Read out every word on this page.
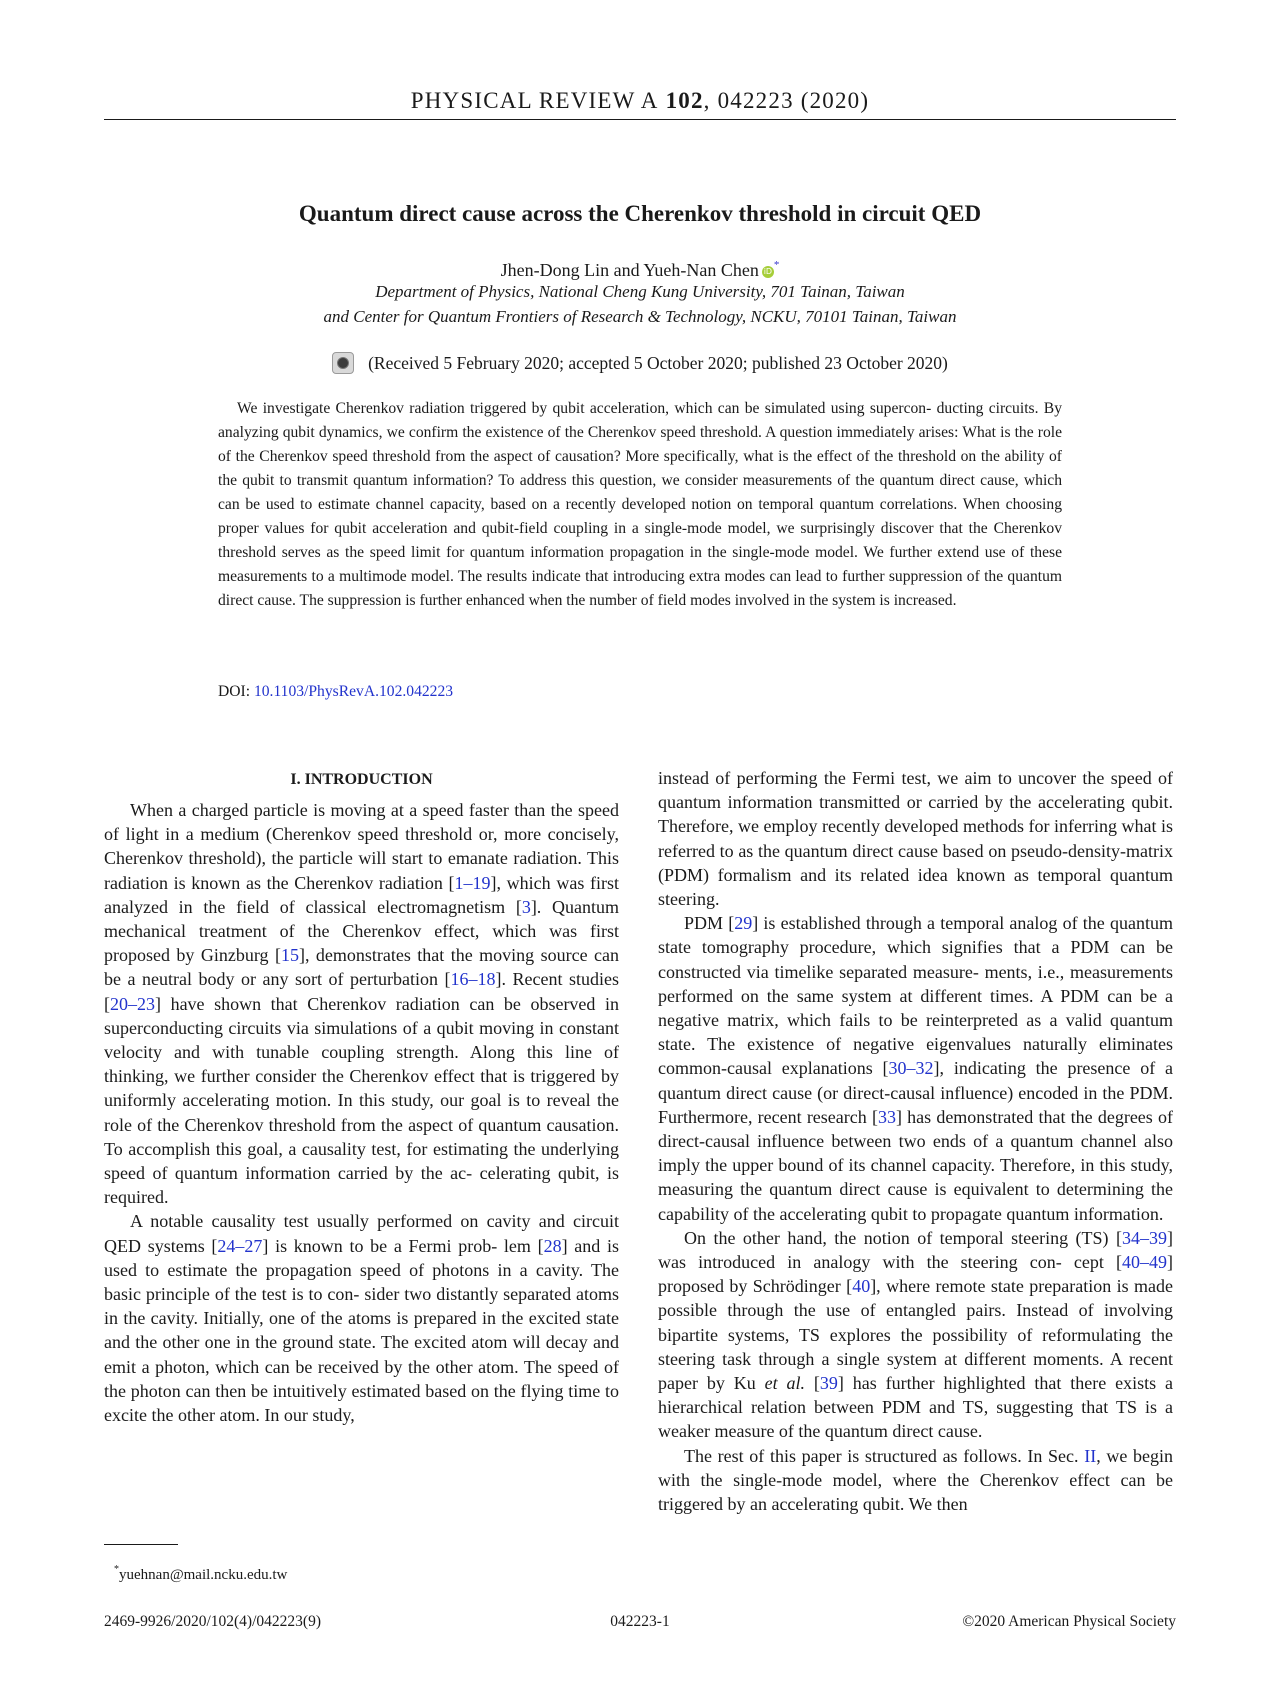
PHYSICAL REVIEW A 102, 042223 (2020)
Quantum direct cause across the Cherenkov threshold in circuit QED
Jhen-Dong Lin and Yueh-Nan Chen iD*
Department of Physics, National Cheng Kung University, 701 Tainan, Taiwan
and Center for Quantum Frontiers of Research & Technology, NCKU, 70101 Tainan, Taiwan
(Received 5 February 2020; accepted 5 October 2020; published 23 October 2020)

We investigate Cherenkov radiation triggered by qubit acceleration, which can be simulated using supercon- ducting circuits. By analyzing qubit dynamics, we confirm the existence of the Cherenkov speed threshold. A question immediately arises: What is the role of the Cherenkov speed threshold from the aspect of causation? More specifically, what is the effect of the threshold on the ability of the qubit to transmit quantum information? To address this question, we consider measurements of the quantum direct cause, which can be used to estimate channel capacity, based on a recently developed notion on temporal quantum correlations. When choosing proper values for qubit acceleration and qubit-field coupling in a single-mode model, we surprisingly discover that the Cherenkov threshold serves as the speed limit for quantum information propagation in the single-mode model. We further extend use of these measurements to a multimode model. The results indicate that introducing extra modes can lead to further suppression of the quantum direct cause. The suppression is further enhanced when the number of field modes involved in the system is increased.

DOI: 10.1103/PhysRevA.102.042223
I. INTRODUCTION

When a charged particle is moving at a speed faster than the speed of light in a medium (Cherenkov speed threshold or, more concisely, Cherenkov threshold), the particle will start to emanate radiation. This radiation is known as the Cherenkov radiation [1–19], which was first analyzed in the field of classical electromagnetism [3]. Quantum mechanical treatment of the Cherenkov effect, which was first proposed by Ginzburg [15], demonstrates that the moving source can be a neutral body or any sort of perturbation [16–18]. Recent studies [20–23] have shown that Cherenkov radiation can be observed in superconducting circuits via simulations of a qubit moving in constant velocity and with tunable coupling strength. Along this line of thinking, we further consider the Cherenkov effect that is triggered by uniformly accelerating motion. In this study, our goal is to reveal the role of the Cherenkov threshold from the aspect of quantum causation. To accomplish this goal, a causality test, for estimating the underlying speed of quantum information carried by the ac- celerating qubit, is required.

A notable causality test usually performed on cavity and circuit QED systems [24–27] is known to be a Fermi prob- lem [28] and is used to estimate the propagation speed of photons in a cavity. The basic principle of the test is to con- sider two distantly separated atoms in the cavity. Initially, one of the atoms is prepared in the excited state and the other one in the ground state. The excited atom will decay and emit a photon, which can be received by the other atom. The speed of the photon can then be intuitively estimated based on the flying time to excite the other atom. In our study,

instead of performing the Fermi test, we aim to uncover the speed of quantum information transmitted or carried by the accelerating qubit. Therefore, we employ recently developed methods for inferring what is referred to as the quantum direct cause based on pseudo-density-matrix (PDM) formalism and its related idea known as temporal quantum steering.

PDM [29] is established through a temporal analog of the quantum state tomography procedure, which signifies that a PDM can be constructed via timelike separated measure- ments, i.e., measurements performed on the same system at different times. A PDM can be a negative matrix, which fails to be reinterpreted as a valid quantum state. The existence of negative eigenvalues naturally eliminates common-causal explanations [30–32], indicating the presence of a quantum direct cause (or direct-causal influence) encoded in the PDM. Furthermore, recent research [33] has demonstrated that the degrees of direct-causal influence between two ends of a quantum channel also imply the upper bound of its channel capacity. Therefore, in this study, measuring the quantum direct cause is equivalent to determining the capability of the accelerating qubit to propagate quantum information.

On the other hand, the notion of temporal steering (TS) [34–39] was introduced in analogy with the steering con- cept [40–49] proposed by Schrödinger [40], where remote state preparation is made possible through the use of entangled pairs. Instead of involving bipartite systems, TS explores the possibility of reformulating the steering task through a single system at different moments. A recent paper by Ku et al. [39] has further highlighted that there exists a hierarchical relation between PDM and TS, suggesting that TS is a weaker measure of the quantum direct cause.

The rest of this paper is structured as follows. In Sec. II, we begin with the single-mode model, where the Cherenkov effect can be triggered by an accelerating qubit. We then

*yuehnan@mail.ncku.edu.tw
2469-9926/2020/102(4)/042223(9)	042223-1	©2020 American Physical Society
